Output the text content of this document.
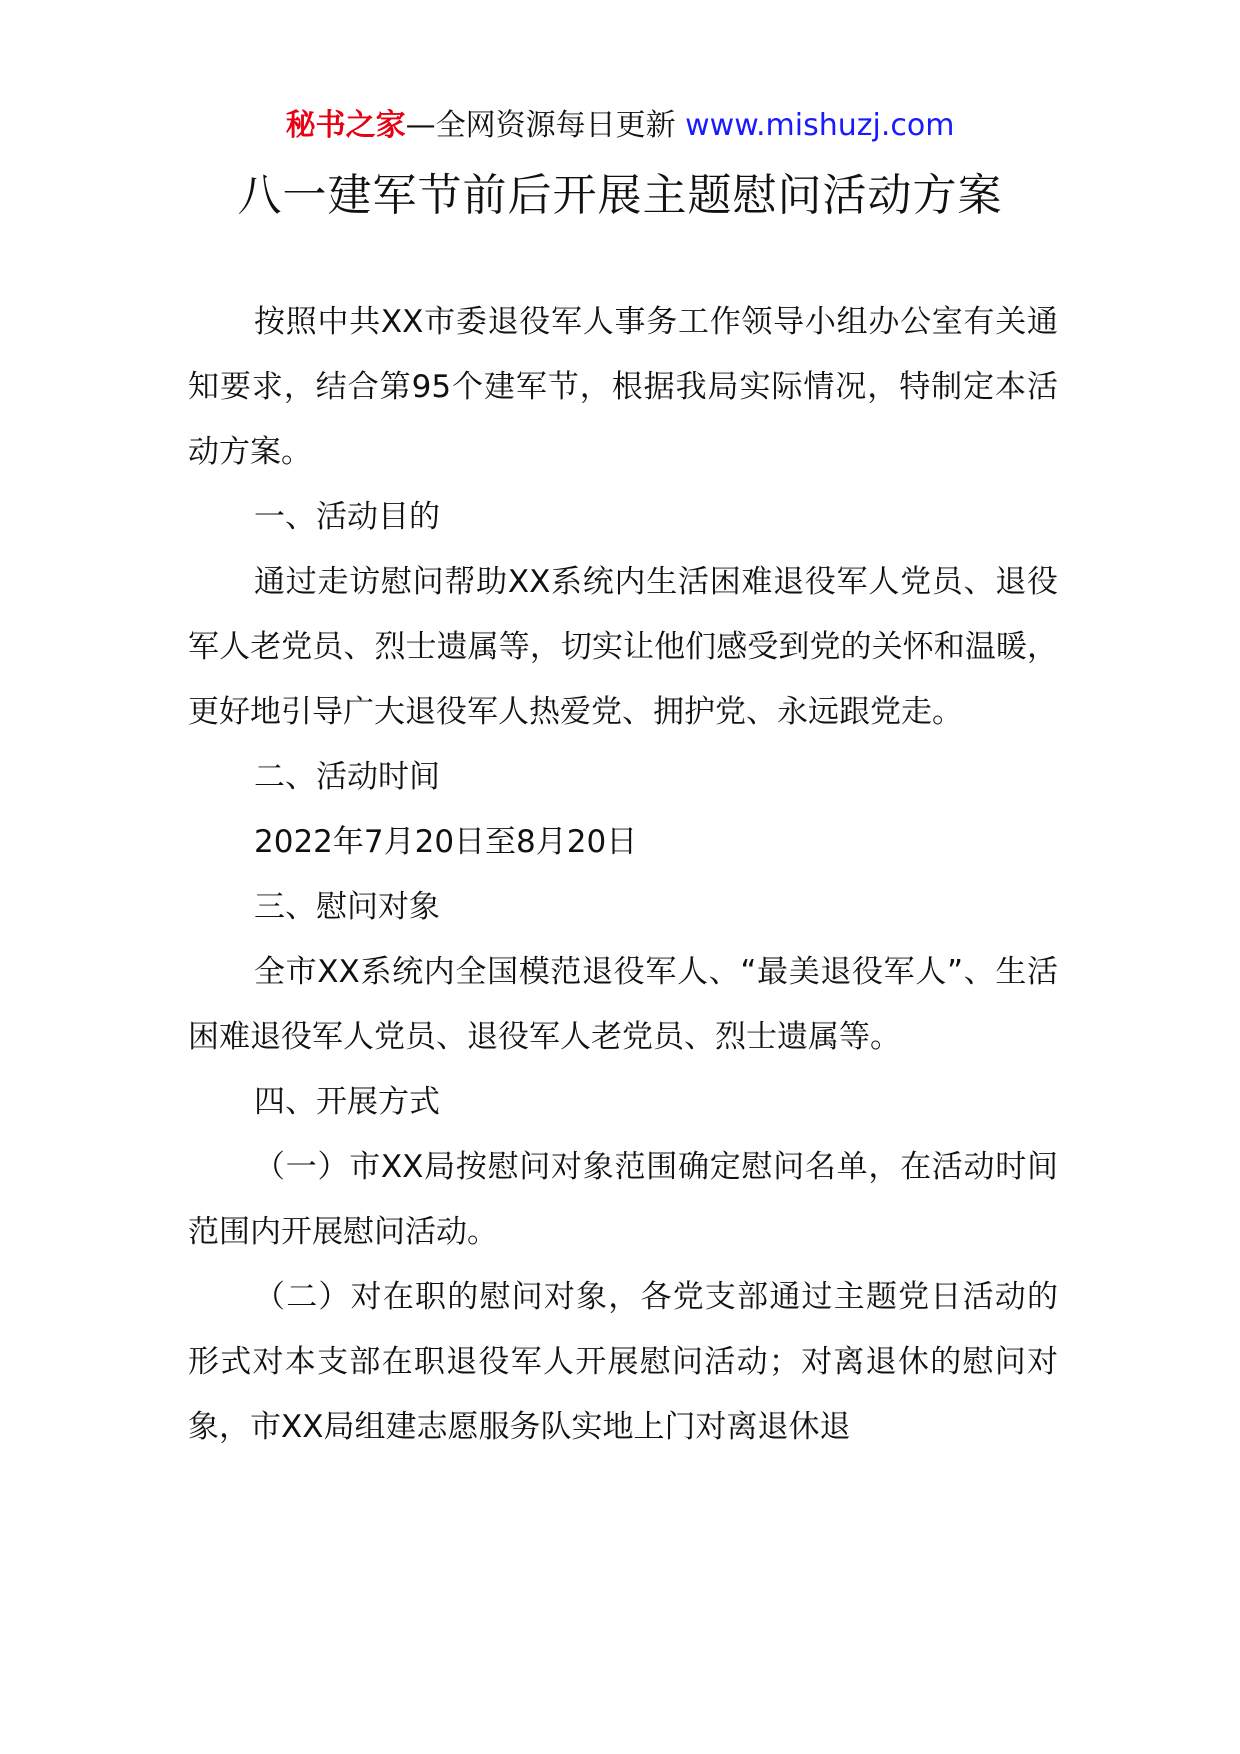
秘书之家—全网资源每日更新 www.mishuzj.com
八一建军节前后开展主题慰问活动方案

按照中共XX市委退役军人事务工作领导小组办公室有关通知要求，结合第95个建军节，根据我局实际情况，特制定本活动方案。

一、活动目的

通过走访慰问帮助XX系统内生活困难退役军人党员、退役军人老党员、烈士遗属等，切实让他们感受到党的关怀和温暖，更好地引导广大退役军人热爱党、拥护党、永远跟党走。

二、活动时间

2022年7月20日至8月20日

三、慰问对象

全市XX系统内全国模范退役军人、“最美退役军人”、生活困难退役军人党员、退役军人老党员、烈士遗属等。

四、开展方式

（一）市XX局按慰问对象范围确定慰问名单，在活动时间范围内开展慰问活动。

（二）对在职的慰问对象，各党支部通过主题党日活动的形式对本支部在职退役军人开展慰问活动；对离退休的慰问对象，市XX局组建志愿服务队实地上门对离退休退
